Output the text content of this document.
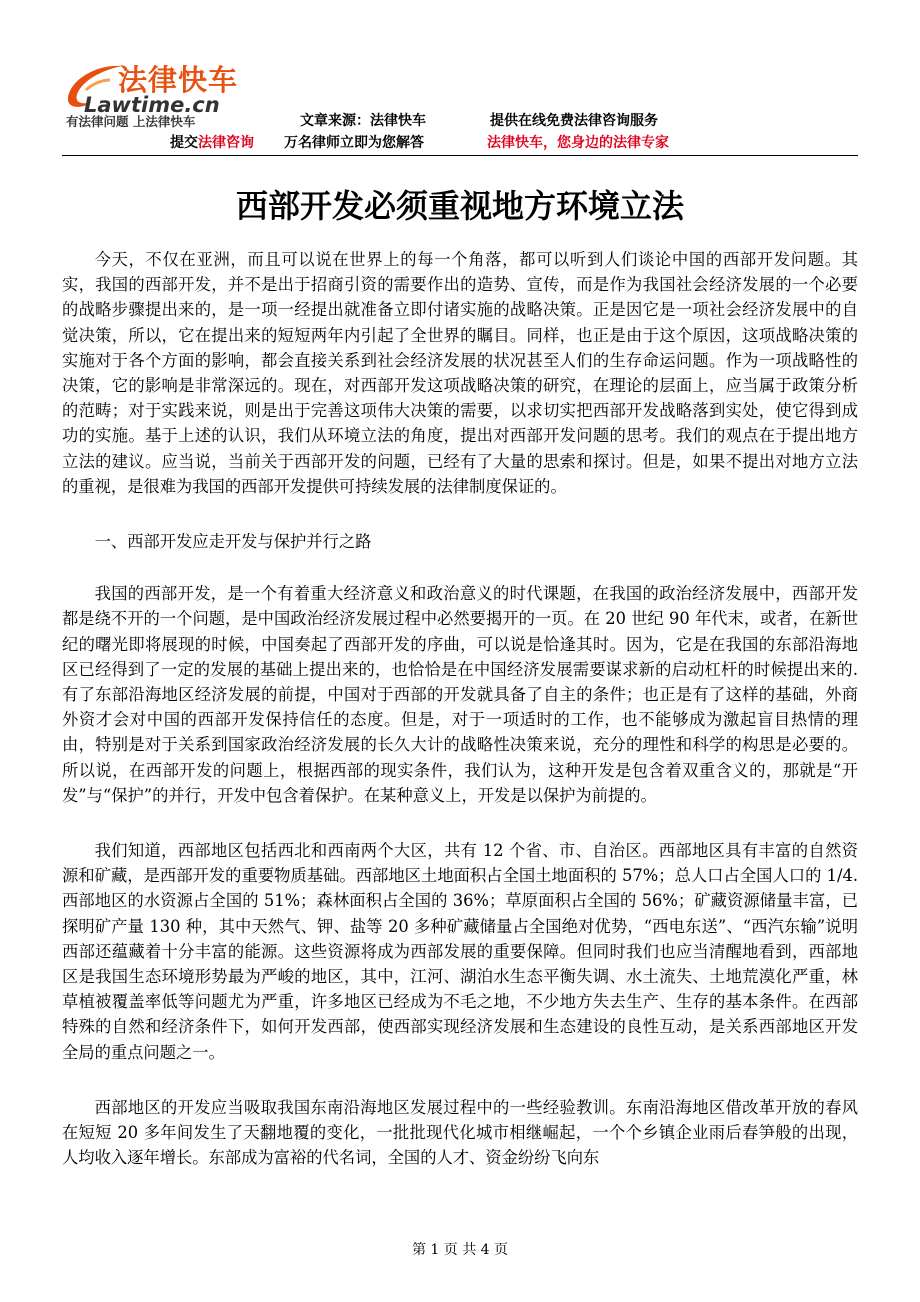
法律快车
Lawtime.cn
有法律问题 上法律快车	文章来源：法律快车	提供在线免费法律咨询服务
提交法律咨询 万名律师立即为您解答	法律快车，您身边的法律专家
西部开发必须重视地方环境立法

今天，不仅在亚洲，而且可以说在世界上的每一个角落，都可以听到人们谈论中国的西部开发问题。其实，我国的西部开发，并不是出于招商引资的需要作出的造势、宣传，而是作为我国社会经济发展的一个必要的战略步骤提出来的，是一项一经提出就准备立即付诸实施的战略决策。正是因它是一项社会经济发展中的自觉决策，所以，它在提出来的短短两年内引起了全世界的瞩目。同样，也正是由于这个原因，这项战略决策的实施对于各个方面的影响，都会直接关系到社会经济发展的状况甚至人们的生存命运问题。作为一项战略性的决策，它的影响是非常深远的。现在，对西部开发这项战略决策的研究，在理论的层面上，应当属于政策分析的范畴；对于实践来说，则是出于完善这项伟大决策的需要，以求切实把西部开发战略落到实处，使它得到成功的实施。基于上述的认识，我们从环境立法的角度，提出对西部开发问题的思考。我们的观点在于提出地方立法的建议。应当说，当前关于西部开发的问题，已经有了大量的思索和探讨。但是，如果不提出对地方立法的重视，是很难为我国的西部开发提供可持续发展的法律制度保证的。

一、西部开发应走开发与保护并行之路

我国的西部开发，是一个有着重大经济意义和政治意义的时代课题，在我国的政治经济发展中，西部开发都是绕不开的一个问题，是中国政治经济发展过程中必然要揭开的一页。在 20 世纪 90 年代末，或者，在新世纪的曙光即将展现的时候，中国奏起了西部开发的序曲，可以说是恰逢其时。因为，它是在我国的东部沿海地区已经得到了一定的发展的基础上提出来的，也恰恰是在中国经济发展需要谋求新的启动杠杆的时候提出来的. 有了东部沿海地区经济发展的前提，中国对于西部的开发就具备了自主的条件；也正是有了这样的基础，外商外资才会对中国的西部开发保持信任的态度。但是，对于一项适时的工作，也不能够成为激起盲目热情的理由，特别是对于关系到国家政治经济发展的长久大计的战略性决策来说，充分的理性和科学的构思是必要的。所以说，在西部开发的问题上，根据西部的现实条件，我们认为，这种开发是包含着双重含义的，那就是“开发”与“保护”的并行，开发中包含着保护。在某种意义上，开发是以保护为前提的。

我们知道，西部地区包括西北和西南两个大区，共有 12 个省、市、自治区。西部地区具有丰富的自然资源和矿藏，是西部开发的重要物质基础。西部地区土地面积占全国土地面积的 57%；总人口占全国人口的 1/4. 西部地区的水资源占全国的 51%；森林面积占全国的 36%；草原面积占全国的 56%；矿藏资源储量丰富，已探明矿产量 130 种，其中天然气、钾、盐等 20 多种矿藏储量占全国绝对优势，“西电东送”、“西汽东输”说明西部还蕴藏着十分丰富的能源。这些资源将成为西部发展的重要保障。但同时我们也应当清醒地看到，西部地区是我国生态环境形势最为严峻的地区，其中，江河、湖泊水生态平衡失调、水土流失、土地荒漠化严重，林草植被覆盖率低等问题尤为严重，许多地区已经成为不毛之地，不少地方失去生产、生存的基本条件。在西部特殊的自然和经济条件下，如何开发西部，使西部实现经济发展和生态建设的良性互动，是关系西部地区开发全局的重点问题之一。

西部地区的开发应当吸取我国东南沿海地区发展过程中的一些经验教训。东南沿海地区借改革开放的春风在短短 20 多年间发生了天翻地覆的变化，一批批现代化城市相继崛起，一个个乡镇企业雨后春笋般的出现，人均收入逐年增长。东部成为富裕的代名词，全国的人才、资金纷纷飞向东

第 1 页 共 4 页
